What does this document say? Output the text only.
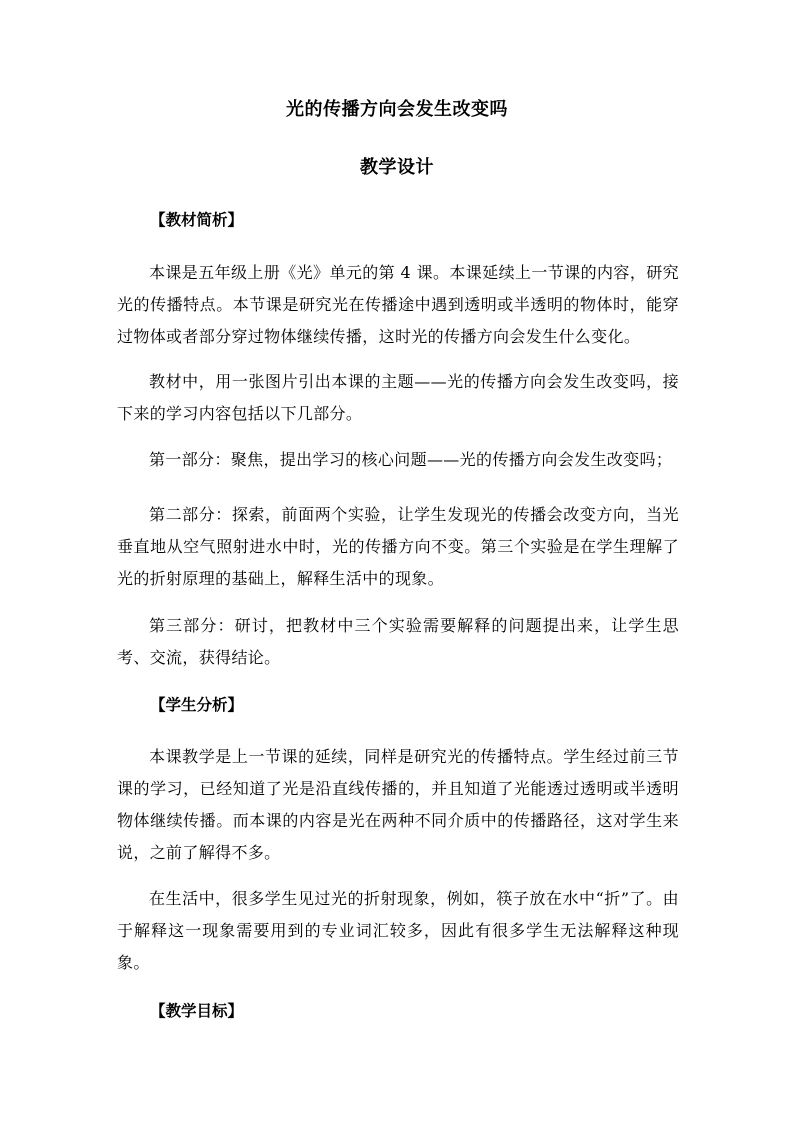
光的传播方向会发生改变吗
教学设计
【教材简析】
本课是五年级上册《光》单元的第 4 课。本课延续上一节课的内容，研究光的传播特点。本节课是研究光在传播途中遇到透明或半透明的物体时，能穿过物体或者部分穿过物体继续传播，这时光的传播方向会发生什么变化。
教材中，用一张图片引出本课的主题——光的传播方向会发生改变吗，接下来的学习内容包括以下几部分。
第一部分：聚焦，提出学习的核心问题——光的传播方向会发生改变吗；
第二部分：探索，前面两个实验，让学生发现光的传播会改变方向，当光垂直地从空气照射进水中时，光的传播方向不变。第三个实验是在学生理解了光的折射原理的基础上，解释生活中的现象。
第三部分：研讨，把教材中三个实验需要解释的问题提出来，让学生思考、交流，获得结论。
【学生分析】
本课教学是上一节课的延续，同样是研究光的传播特点。学生经过前三节课的学习，已经知道了光是沿直线传播的，并且知道了光能透过透明或半透明物体继续传播。而本课的内容是光在两种不同介质中的传播路径，这对学生来说，之前了解得不多。
在生活中，很多学生见过光的折射现象，例如，筷子放在水中“折”了。由于解释这一现象需要用到的专业词汇较多，因此有很多学生无法解释这种现象。
【教学目标】
